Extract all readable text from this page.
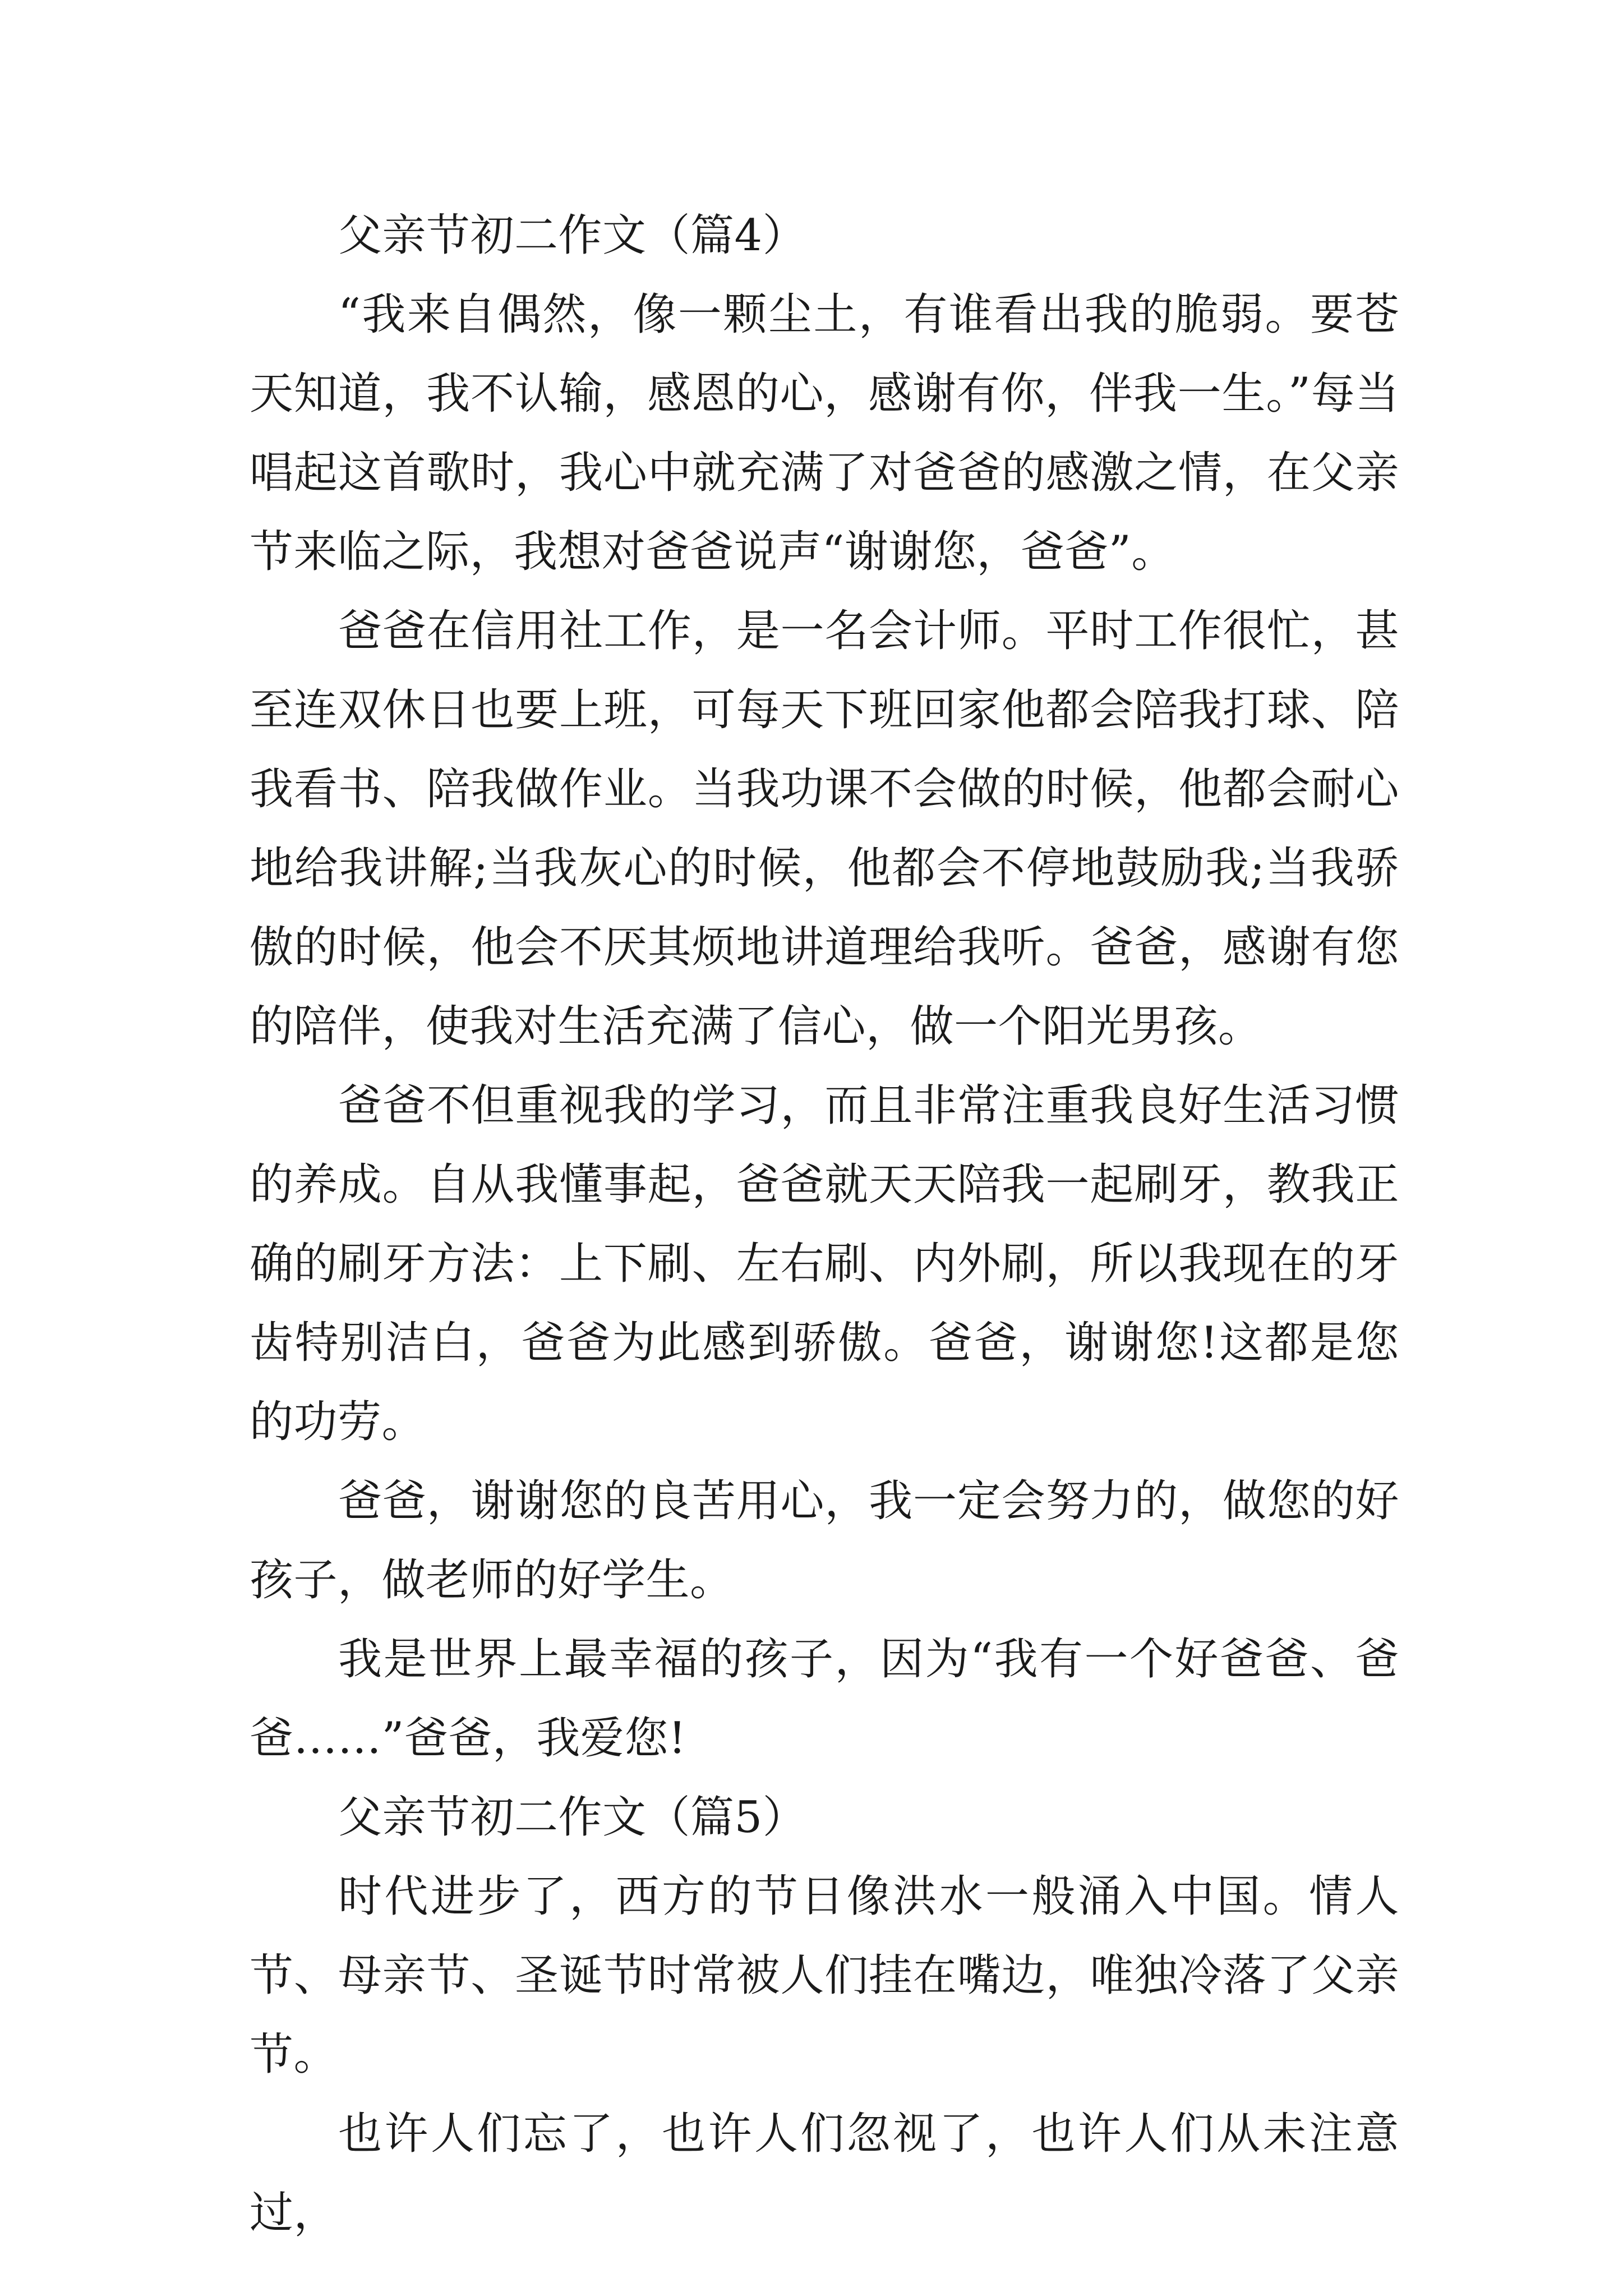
父亲节初二作文（篇4）

“我来自偶然，像一颗尘土，有谁看出我的脆弱。要苍天知道，我不认输，感恩的心，感谢有你，伴我一生。”每当唱起这首歌时，我心中就充满了对爸爸的感激之情，在父亲节来临之际，我想对爸爸说声“谢谢您，爸爸”。

爸爸在信用社工作，是一名会计师。平时工作很忙，甚至连双休日也要上班，可每天下班回家他都会陪我打球、陪我看书、陪我做作业。当我功课不会做的时候，他都会耐心地给我讲解;当我灰心的时候，他都会不停地鼓励我;当我骄傲的时候，他会不厌其烦地讲道理给我听。爸爸，感谢有您的陪伴，使我对生活充满了信心，做一个阳光男孩。

爸爸不但重视我的学习，而且非常注重我良好生活习惯的养成。自从我懂事起，爸爸就天天陪我一起刷牙，教我正确的刷牙方法：上下刷、左右刷、内外刷，所以我现在的牙齿特别洁白，爸爸为此感到骄傲。爸爸，谢谢您!这都是您的功劳。

爸爸，谢谢您的良苦用心，我一定会努力的，做您的好孩子，做老师的好学生。

我是世界上最幸福的孩子，因为“我有一个好爸爸、爸爸……”爸爸，我爱您!

父亲节初二作文（篇5）

时代进步了，西方的节日像洪水一般涌入中国。情人节、母亲节、圣诞节时常被人们挂在嘴边，唯独冷落了父亲节。

也许人们忘了，也许人们忽视了，也许人们从未注意过，
